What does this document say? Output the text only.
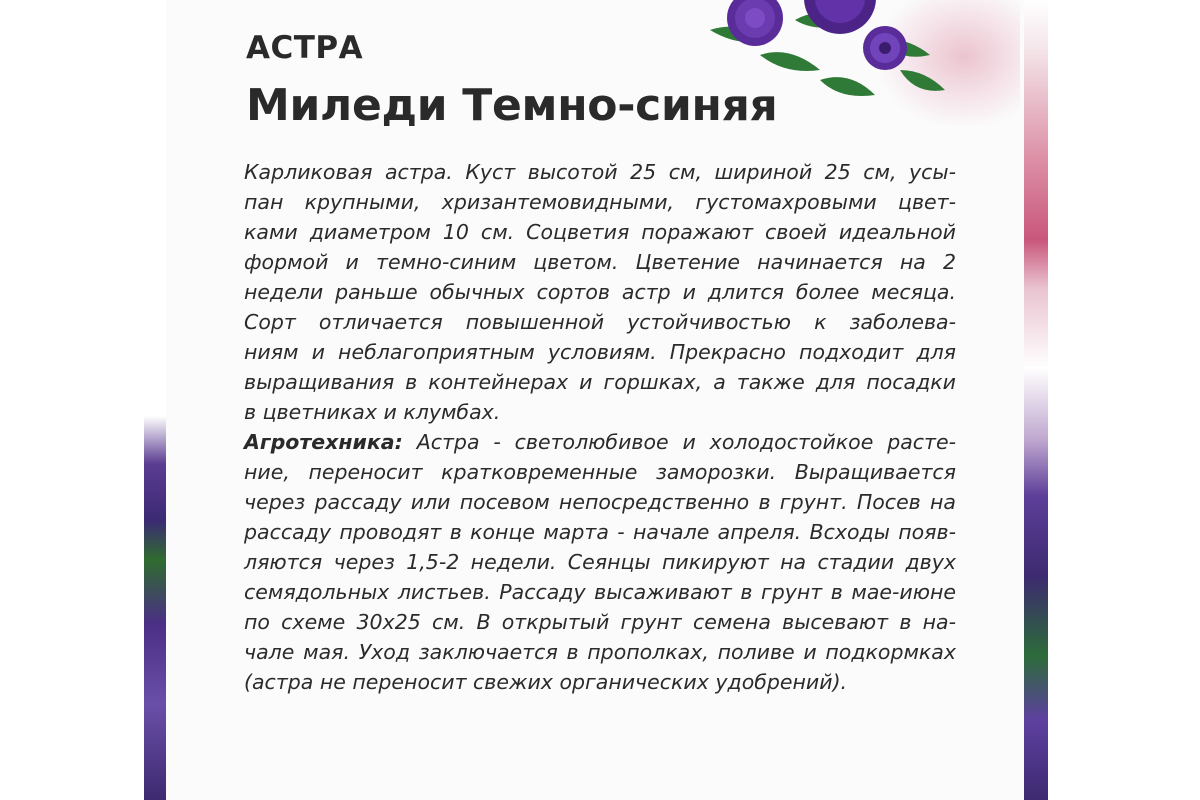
АСТРА
Миледи Темно-синяя
Карликовая астра. Куст высотой 25 см, шириной 25 см, усы-
пан крупными, хризантемовидными, густомахровыми цвет-
ками диаметром 10 см. Соцветия поражают своей идеальной
формой и темно-синим цветом. Цветение начинается на 2
недели раньше обычных сортов астр и длится более месяца.
Сорт отличается повышенной устойчивостью к заболева-
ниям и неблагоприятным условиям. Прекрасно подходит для
выращивания в контейнерах и горшках, а также для посадки
в цветниках и клумбах.
Агротехника: Астра - светолюбивое и холодостойкое расте-
ние, переносит кратковременные заморозки. Выращивается
через рассаду или посевом непосредственно в грунт. Посев на
рассаду проводят в конце марта - начале апреля. Всходы появ-
ляются через 1,5-2 недели. Сеянцы пикируют на стадии двух
семядольных листьев. Рассаду высаживают в грунт в мае-июне
по схеме 30х25 см. В открытый грунт семена высевают в на-
чале мая. Уход заключается в прополках, поливе и подкормках
(астра не переносит свежих органических удобрений).
